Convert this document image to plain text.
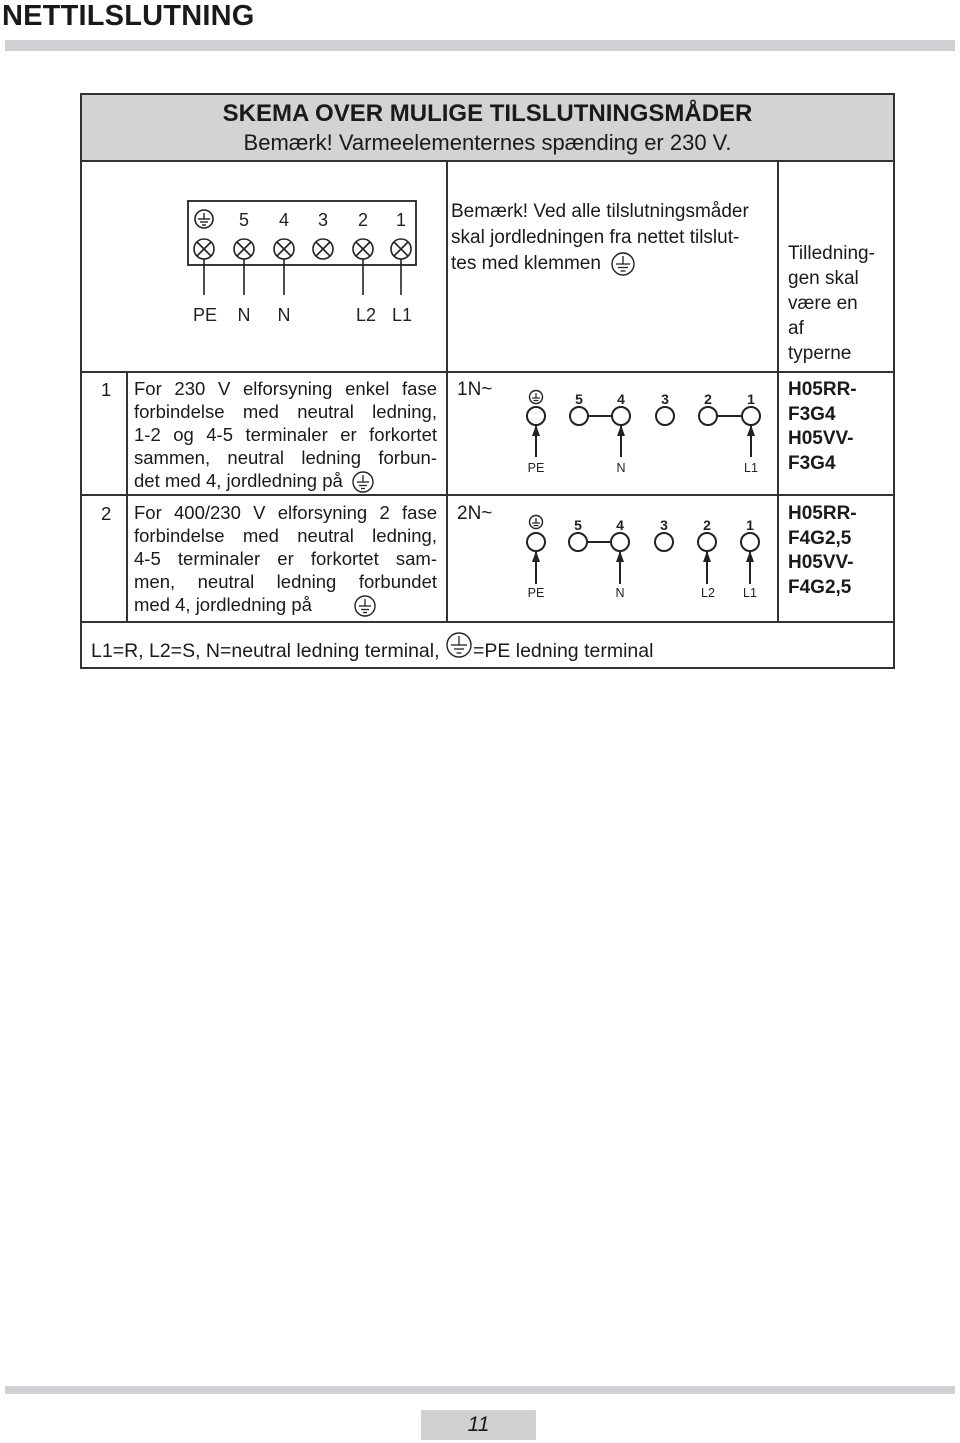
NETTILSLUTNING
SKEMA OVER MULIGE TILSLUTNINGSMÅDER
Bemærk! Varmeelementernes spænding er 230 V.
5 4 3 2 1
PE N N	L2 L1
Bemærk! Ved alle tilslutningsmåder
skal jordledningen fra nettet tilslut-
tes med klemmen	Tilledning-
gen skal
være en
af
typerne
1 For 230 V elforsyning enkel fase
forbindelse med neutral ledning,
1-2 og 4-5 terminaler er forkortet
sammen, neutral ledning forbun-
det med 4, jordledning på
1N~	5 4	3	2	1
PE	N	L1
H05RR-
F3G4
H05VV-
F3G4
2 For 400/230 V elforsyning 2 fase
forbindelse med neutral ledning,
4-5 terminaler er forkortet sam-
men, neutral ledning forbundet
med 4, jordledning på
2N~
5 4	3	2	1
PE	N	L2 L1
H05RR-
F4G2,5
H05VV-
F4G2,5
L1=R, L2=S, N=neutral ledning terminal, =PE ledning terminal
11
